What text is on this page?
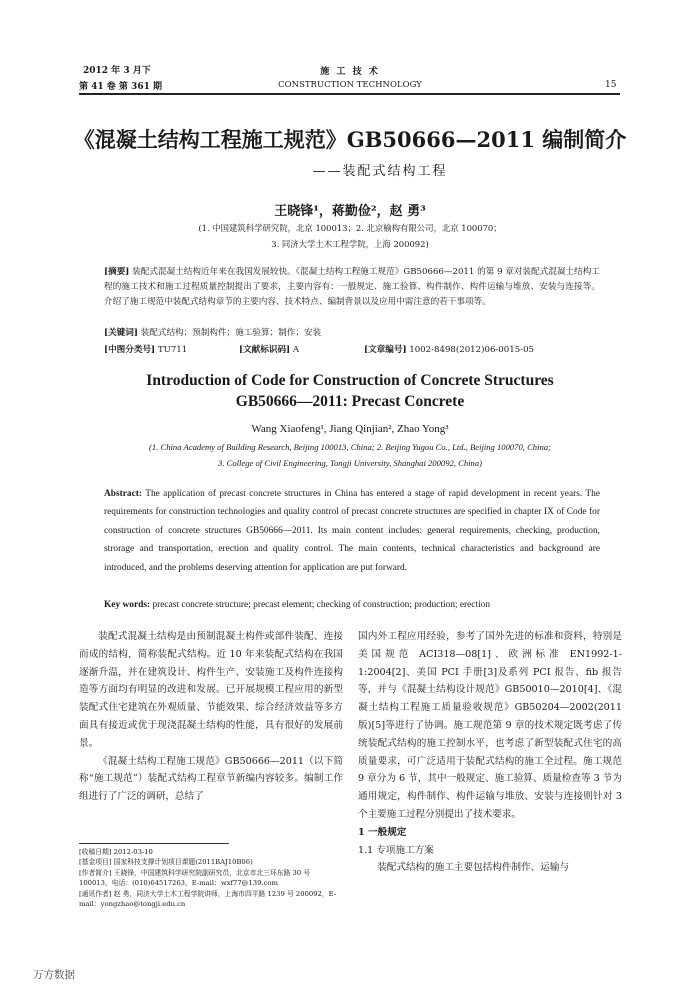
2012 年 3 月下
第 41 卷 第 361 期
施 工 技 术
CONSTRUCTION TECHNOLOGY	15
《混凝土结构工程施工规范》GB50666—2011 编制简介
——装配式结构工程
王晓锋¹，蒋勤俭²，赵 勇³
(1. 中国建筑科学研究院，北京 100013；2. 北京榆构有限公司，北京 100070；
3. 同济大学土木工程学院，上海 200092)
[摘要] 装配式混凝土结构近年来在我国发展较快。《混凝土结构工程施工规范》GB50666—2011 的第 9 章对装配式混凝土结构工程的施工技术和施工过程质量控制提出了要求，主要内容有：一般规定、施工验算、构件制作、构件运输与堆放、安装与连接等。介绍了施工规范中装配式结构章节的主要内容、技术特点、编制背景以及应用中需注意的若干事项等。
[关键词] 装配式结构；预制构件；施工验算；制作；安装
[中图分类号] TU711	[文献标识码] A	[文章编号] 1002-8498(2012)06-0015-05
Introduction of Code for Construction of Concrete Structures
GB50666—2011: Precast Concrete
Wang Xiaofeng¹, Jiang Qinjian², Zhao Yong³
(1. China Academy of Building Research, Beijing 100013, China; 2. Beijing Yugou Co., Ltd., Beijing 100070, China;
3. College of Civil Engineering, Tongji University, Shanghai 200092, China)
Abstract: The application of precast concrete structures in China has entered a stage of rapid development in recent years. The requirements for construction technologies and quality control of precast concrete structures are specified in chapter IX of Code for construction of concrete structures GB50666—2011. Its main content includes: general requirements, checking, production, strorage and transportation, erection and quality control. The main contents, technical characteristics and background are introduced, and the problems deserving attention for application are put forward.
Key words: precast concrete structure; precast element; checking of construction; production; erection

装配式混凝土结构是由预制混凝土构件或部件装配、连接而成的结构，简称装配式结构。近 10 年来装配式结构在我国逐渐升温，并在建筑设计、构件生产、安装施工及构件连接构造等方面均有明显的改进和发展。已开展规模工程应用的新型装配式住宅建筑在外观质量、节能效果、综合经济效益等多方面具有接近或优于现浇混凝土结构的性能，具有很好的发展前景。

《混凝土结构工程施工规范》GB50666—2011（以下简称“施工规范”）装配式结构工程章节新编内容较多。编制工作组进行了广泛的调研，总结了

[收稿日期] 2012-03-10
[基金项目] 国家科技支撑计划项目课题(2011BAJ10B06)
[作者简介] 王晓锋，中国建筑科学研究院副研究员，北京市北三环东路 30 号 100013，电话：(010)64517263，E-mail：wxf77@139.com
[通讯作者] 赵 勇，同济大学土木工程学院讲师，上海市四平路 1239 号 200092，E-mail：yongzhao@tongji.edu.cn

国内外工程应用经验，参考了国外先进的标准和资料，特别是美国规范 ACI318—08[1]、欧洲标准 EN1992-1-1:2004[2]、美国 PCI 手册[3]及系列 PCI 报告、fib 报告等，并与《混凝土结构设计规范》GB50010—2010[4]、《混凝土结构工程施工质量验收规范》GB50204—2002(2011 版)[5]等进行了协调。施工规范第 9 章的技术规定既考虑了传统装配式结构的施工控制水平，也考虑了新型装配式住宅的高质量要求，可广泛适用于装配式结构的施工全过程。施工规范 9 章分为 6 节，其中一般规定、施工验算、质量检查等 3 节为通用规定，构件制作、构件运输与堆放、安装与连接则针对 3 个主要施工过程分别提出了技术要求。

1 一般规定

1.1 专项施工方案

装配式结构的施工主要包括构件制作、运输与

万方数据
